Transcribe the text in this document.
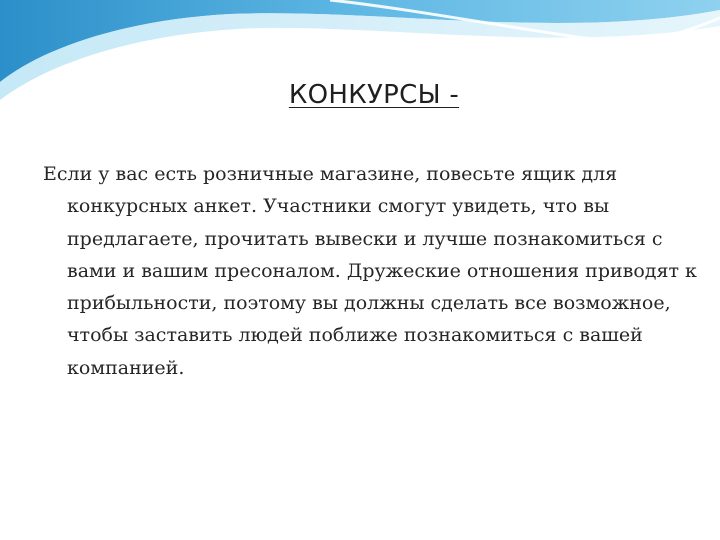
КОНКУРСЫ -

Если у вас есть розничные магазине, повесьте ящик для конкурсных анкет. Участники смогут увидеть, что вы предлагаете, прочитать вывески и лучше познакомиться с вами и вашим пресоналом. Дружеские отношения приводят к прибыльности, поэтому вы должны сделать все возможное, чтобы заставить людей поближе познакомиться с вашей компанией.
